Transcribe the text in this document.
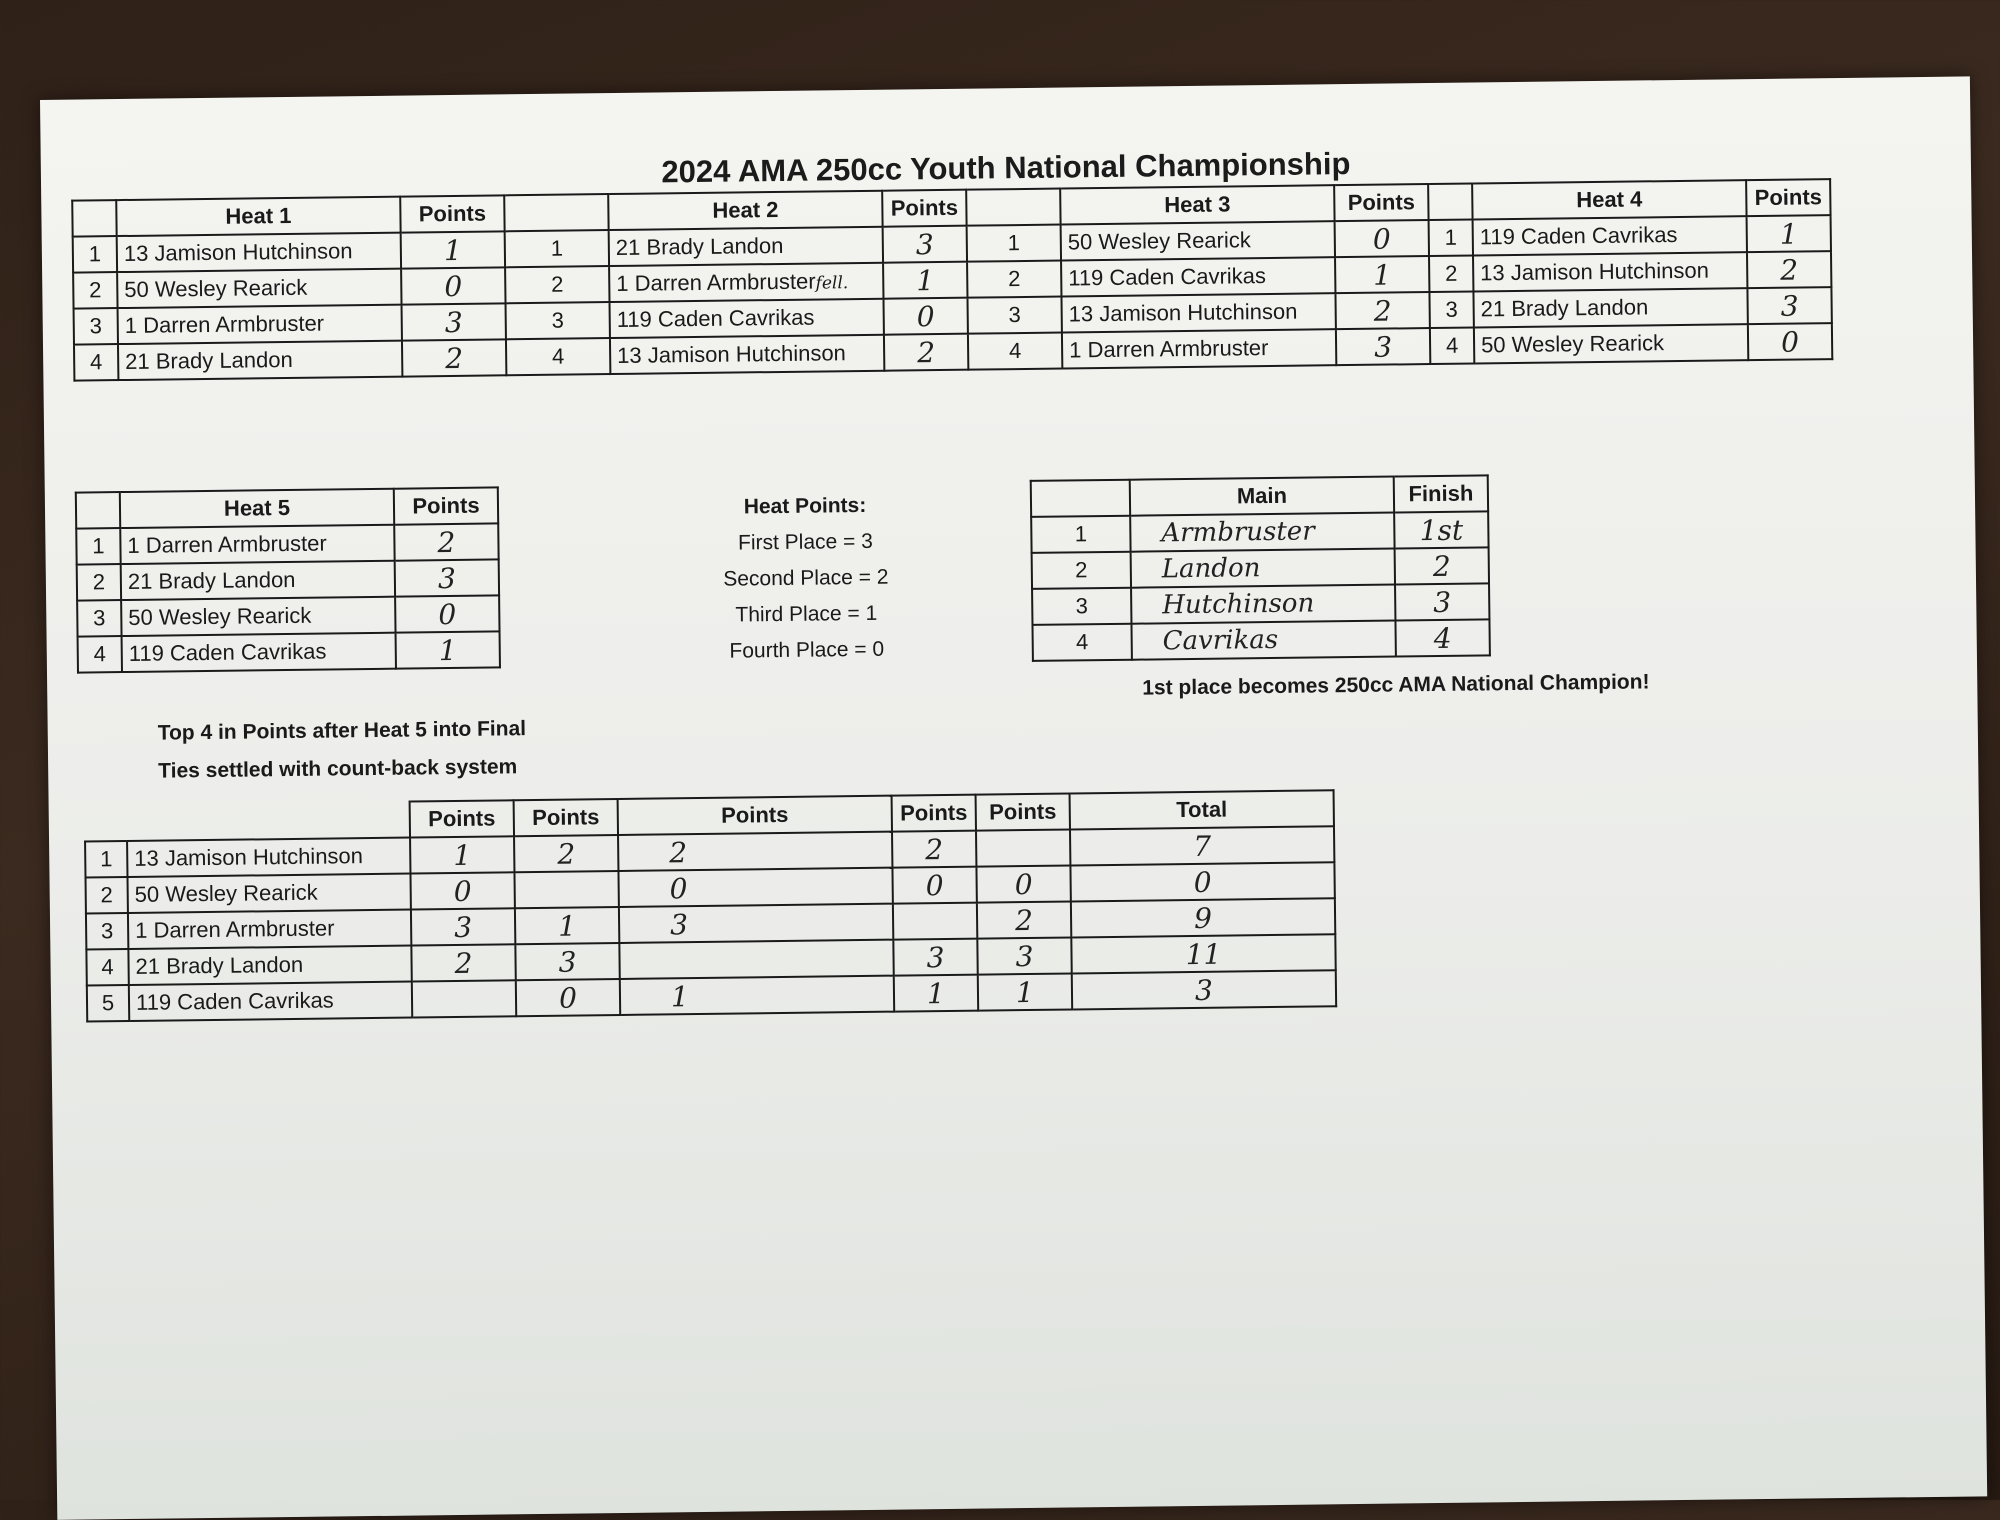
2024 AMA 250cc Youth National Championship
	Heat 1	Points		Heat 2	Points		Heat 3	Points		Heat 4	Points
1	13 Jamison Hutchinson	1	1	21 Brady Landon	3	1	50 Wesley Rearick	0	1	119 Caden Cavrikas	1
2	50 Wesley Rearick	0	2	1 Darren Armbrusterfell.	1	2	119 Caden Cavrikas	1	2	13 Jamison Hutchinson	2
3	1 Darren Armbruster	3	3	119 Caden Cavrikas	0	3	13 Jamison Hutchinson	2	3	21 Brady Landon	3
4	21 Brady Landon	2	4	13 Jamison Hutchinson	2	4	1 Darren Armbruster	3	4	50 Wesley Rearick	0
	Heat 5	Points
1	1 Darren Armbruster	2
2	21 Brady Landon	3
3	50 Wesley Rearick	0
4	119 Caden Cavrikas	1
Heat Points:
First Place = 3
Second Place = 2
Third Place = 1
Fourth Place = 0
	Main	Finish
1	Armbruster	1st
2	Landon	2
3	Hutchinson	3
4	Cavrikas	4
1st place becomes 250cc AMA National Champion!
Top 4 in Points after Heat 5 into Final
Ties settled with count-back system
		Points	Points	Points	Points	Points	Total
1	13 Jamison Hutchinson	1	2	2	2		7
2	50 Wesley Rearick	0		0	0	0	0
3	1 Darren Armbruster	3	1	3		2	9
4	21 Brady Landon	2	3		3	3	11
5	119 Caden Cavrikas		0	1	1	1	3
